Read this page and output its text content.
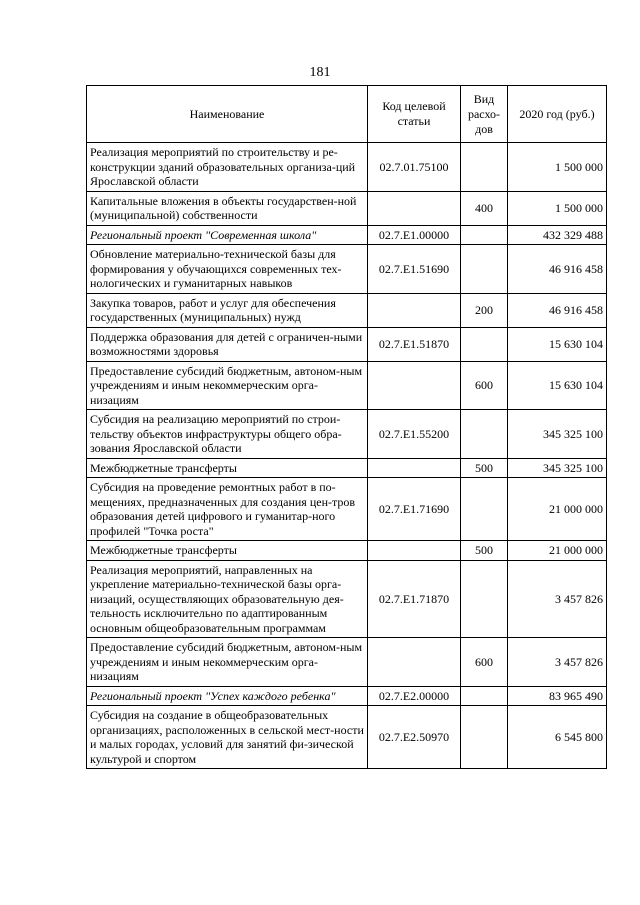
181
Наименование	Код целевой статьи	Вид расхо-дов	2020 год (руб.)
Реализация мероприятий по строительству и ре-конструкции зданий образовательных организа-ций Ярославской области	02.7.01.75100		1 500 000
Капитальные вложения в объекты государствен-ной (муниципальной) собственности		400	1 500 000
Региональный проект "Современная школа"	02.7.Е1.00000		432 329 488
Обновление материально-технической базы для формирования у обучающихся современных тех-нологических и гуманитарных навыков	02.7.Е1.51690		46 916 458
Закупка товаров, работ и услуг для обеспечения государственных (муниципальных) нужд		200	46 916 458
Поддержка образования для детей с ограничен-ными возможностями здоровья	02.7.Е1.51870		15 630 104
Предоставление субсидий бюджетным, автоном-ным учреждениям и иным некоммерческим орга-низациям		600	15 630 104
Субсидия на реализацию мероприятий по строи-тельству объектов инфраструктуры общего обра-зования Ярославской области	02.7.Е1.55200		345 325 100
Межбюджетные трансферты		500	345 325 100
Субсидия на проведение ремонтных работ в по-мещениях, предназначенных для создания цен-тров образования детей цифрового и гуманитар-ного профилей "Точка роста"	02.7.Е1.71690		21 000 000
Межбюджетные трансферты		500	21 000 000
Реализация мероприятий, направленных на укрепление материально-технической базы орга-низаций, осуществляющих образовательную дея-тельность исключительно по адаптированным основным общеобразовательным программам	02.7.Е1.71870		3 457 826
Предоставление субсидий бюджетным, автоном-ным учреждениям и иным некоммерческим орга-низациям		600	3 457 826
Региональный проект "Успех каждого ребенка"	02.7.Е2.00000		83 965 490
Субсидия на создание в общеобразовательных организациях, расположенных в сельской мест-ности и малых городах, условий для занятий фи-зической культурой и спортом	02.7.Е2.50970		6 545 800
